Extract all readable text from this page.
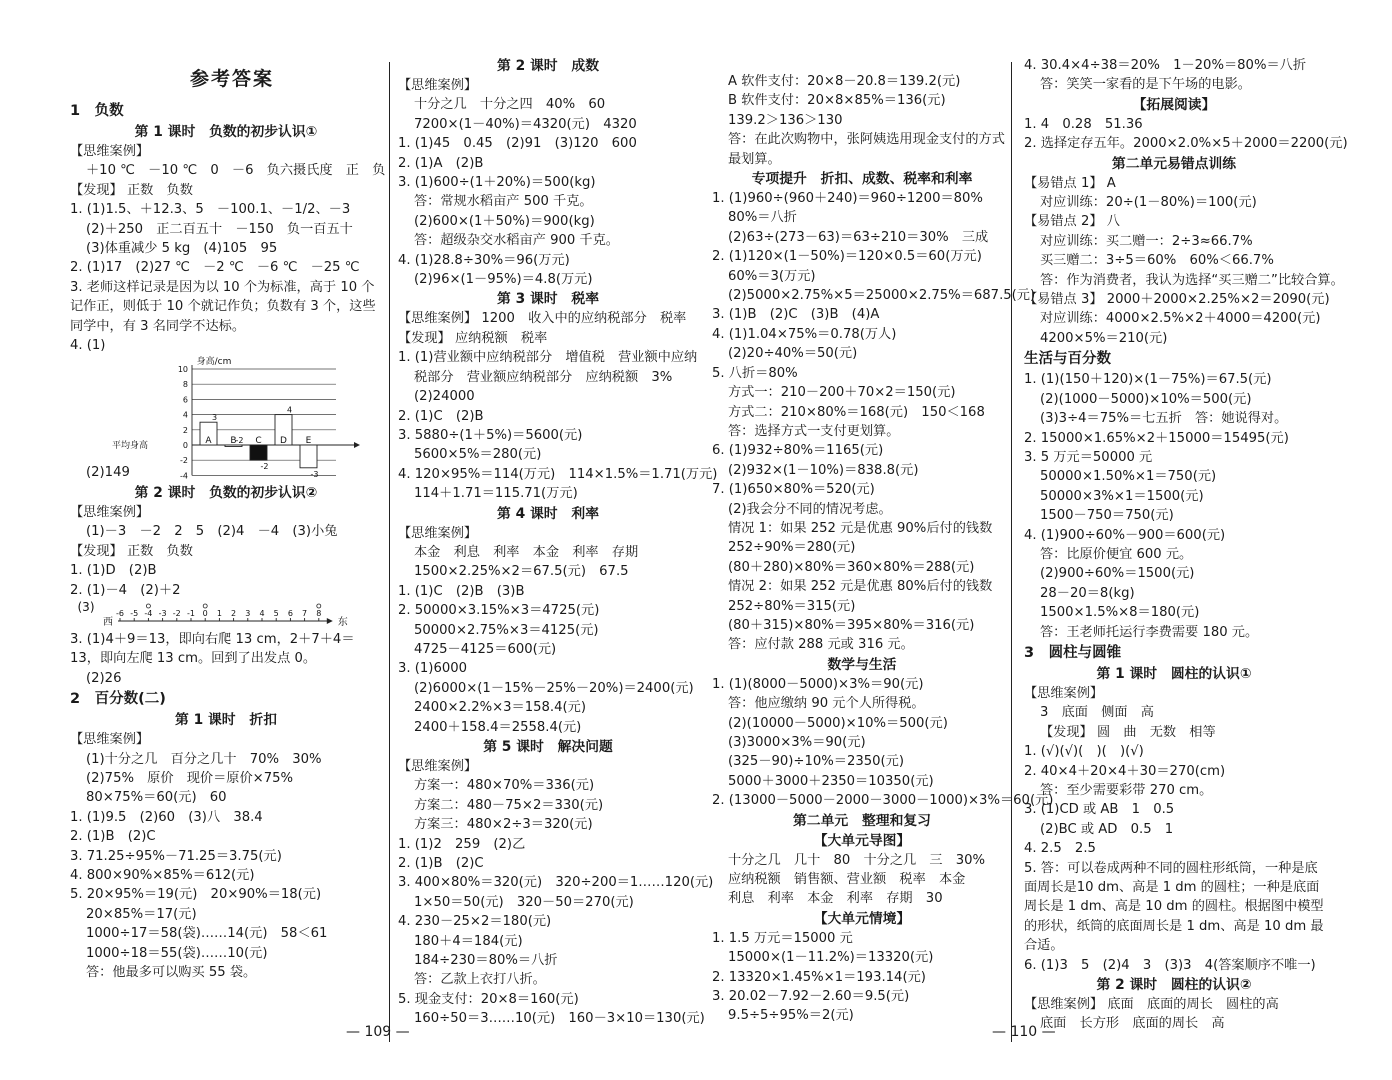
参考答案
1　负数
第 1 课时　负数的初步认识①
【思维案例】
＋10 ℃　－10 ℃　0　－6　负六摄氏度　正　负
【发现】 正数　负数
1. (1)1.5、＋12.3、5　－100.1、－1/2、－3
(2)＋250　正二百五十　－150　负一百五十
(3)体重减少 5 kg　(4)105　95
2. (1)17　(2)27 ℃　－2 ℃　－6 ℃　－25 ℃
3. 老师这样记录是因为以 10 个为标准，高于 10 个记作正，则低于 10 个就记作负；负数有 3 个，这些同学中，有 3 名同学不达标。
4. (1)
身高/cm
10
8
6
4
2
0
-2
-4
平均身高	A
3
B
-2 C
-2
D
4
E
-3
(2)149
第 2 课时　负数的初步认识②
【思维案例】
(1)－3　－2　2　5　(2)4　－4　(3)小兔
【发现】 正数　负数
1. (1)D　(2)B
2. (1)－4　(2)＋2
(3)
西	东
-6 -5 -4 -3 -2 -1 0 1 2 3 4 5 6 7 8
3. (1)4＋9＝13，即向右爬 13 cm，2＋7＋4＝13，即向左爬 13 cm。回到了出发点 0。
(2)26
2　百分数(二)
第 1 课时　折扣
【思维案例】
(1)十分之几　百分之几十　70%　30%
(2)75%　原价　现价＝原价×75%
80×75%＝60(元)　60
1. (1)9.5　(2)60　(3)八　38.4
2. (1)B　(2)C
3. 71.25÷95%－71.25＝3.75(元)
4. 800×90%×85%＝612(元)
5. 20×95%＝19(元)　20×90%＝18(元)
20×85%＝17(元)
1000÷17＝58(袋)……14(元)　58＜61
1000÷18＝55(袋)……10(元)
答：他最多可以购买 55 袋。
第 2 课时　成数
【思维案例】
十分之几　十分之四　40%　60
7200×(1－40%)＝4320(元)　4320
1. (1)45　0.45　(2)91　(3)120　600
2. (1)A　(2)B
3. (1)600÷(1＋20%)＝500(kg)
答：常规水稻亩产 500 千克。
(2)600×(1＋50%)＝900(kg)
答：超级杂交水稻亩产 900 千克。
4. (1)28.8÷30%＝96(万元)
(2)96×(1－95%)＝4.8(万元)
第 3 课时　税率
【思维案例】 1200　收入中的应纳税部分　税率
【发现】 应纳税额　税率
1. (1)营业额中应纳税部分　增值税　营业额中应纳
税部分　营业额应纳税部分　应纳税额　3%
(2)24000
2. (1)C　(2)B
3. 5880÷(1＋5%)＝5600(元)
5600×5%＝280(元)
4. 120×95%＝114(万元)　114×1.5%＝1.71(万元)
114＋1.71＝115.71(万元)
第 4 课时　利率
【思维案例】
本金　利息　利率　本金　利率　存期
1500×2.25%×2＝67.5(元)　67.5
1. (1)C　(2)B　(3)B
2. 50000×3.15%×3＝4725(元)
50000×2.75%×3＝4125(元)
4725－4125＝600(元)
3. (1)6000
(2)6000×(1－15%－25%－20%)＝2400(元)
2400×2.2%×3＝158.4(元)
2400＋158.4＝2558.4(元)
第 5 课时　解决问题
【思维案例】
方案一：480×70%＝336(元)
方案二：480－75×2＝330(元)
方案三：480×2÷3＝320(元)
1. (1)2　259　(2)乙
2. (1)B　(2)C
3. 400×80%＝320(元)　320÷200＝1……120(元)
1×50＝50(元)　320－50＝270(元)
4. 230－25×2＝180(元)
180＋4＝184(元)
184÷230＝80%＝八折
答：乙款上衣打八折。
5. 现金支付：20×8＝160(元)
160÷50＝3……10(元)　160－3×10＝130(元)
A 软件支付：20×8－20.8＝139.2(元)
B 软件支付：20×8×85%＝136(元)
139.2＞136＞130
答：在此次购物中，张阿姨选用现金支付的方式
最划算。
专项提升　折扣、成数、税率和利率
1. (1)960÷(960＋240)＝960÷1200＝80%
80%＝八折
(2)63÷(273－63)＝63÷210＝30%　三成
2. (1)120×(1－50%)＝120×0.5＝60(万元)
60%＝3(万元)
(2)5000×2.75%×5＝25000×2.75%＝687.5(元)
3. (1)B　(2)C　(3)B　(4)A
4. (1)1.04×75%＝0.78(万人)
(2)20÷40%＝50(元)
5. 八折＝80%
方式一：210－200＋70×2＝150(元)
方式二：210×80%＝168(元)　150＜168
答：选择方式一支付更划算。
6. (1)932÷80%＝1165(元)
(2)932×(1－10%)＝838.8(元)
7. (1)650×80%＝520(元)
(2)我会分不同的情况考虑。
情况 1：如果 252 元是优惠 90%后付的钱数
252÷90%＝280(元)
(80＋280)×80%＝360×80%＝288(元)
情况 2：如果 252 元是优惠 80%后付的钱数
252÷80%＝315(元)
(80＋315)×80%＝395×80%＝316(元)
答：应付款 288 元或 316 元。
数学与生活
1. (1)(8000－5000)×3%＝90(元)
答：他应缴纳 90 元个人所得税。
(2)(10000－5000)×10%＝500(元)
(3)3000×3%＝90(元)
(325－90)÷10%＝2350(元)
5000＋3000＋2350＝10350(元)
2. (13000－5000－2000－3000－1000)×3%＝60(元)
第二单元　整理和复习
【大单元导图】
十分之几　几十　80　十分之几　三　30%
应纳税额　销售额、营业额　税率　本金
利息　利率　本金　利率　存期　30
【大单元情境】
1. 1.5 万元＝15000 元
15000×(1－11.2%)＝13320(元)
2. 13320×1.45%×1＝193.14(元)
3. 20.02－7.92－2.60＝9.5(元)
9.5÷5÷95%＝2(元)
4. 30.4×4÷38＝20%　1－20%＝80%＝八折
答：笑笑一家看的是下午场的电影。
【拓展阅读】
1. 4　0.28　51.36
2. 选择定存五年。2000×2.0%×5＋2000＝2200(元)
第二单元易错点训练
【易错点 1】 A
对应训练：20÷(1－80%)＝100(元)
【易错点 2】 八
对应训练：买二赠一：2÷3≈66.7%
买三赠二：3÷5＝60%　60%＜66.7%
答：作为消费者，我认为选择“买三赠二”比较合算。
【易错点 3】 2000＋2000×2.25%×2＝2090(元)
对应训练：4000×2.5%×2＋4000＝4200(元)
4200×5%＝210(元)
生活与百分数
1. (1)(150＋120)×(1－75%)＝67.5(元)
(2)(1000－5000)×10%＝500(元)
(3)3÷4＝75%＝七五折　答：她说得对。
2. 15000×1.65%×2＋15000＝15495(元)
3. 5 万元＝50000 元
50000×1.50%×1＝750(元)
50000×3%×1＝1500(元)
1500－750＝750(元)
4. (1)900÷60%－900＝600(元)
答：比原价便宜 600 元。
(2)900÷60%＝1500(元)
28－20＝8(kg)
1500×1.5%×8＝180(元)
答：王老师托运行李费需要 180 元。
3　圆柱与圆锥
第 1 课时　圆柱的认识①
【思维案例】
3　底面　侧面　高
【发现】 圆　曲　无数　相等
1. (√)(√)(　)(　)(√)
2. 40×4＋20×4＋30＝270(cm)
答：至少需要彩带 270 cm。
3. (1)CD 或 AB　1　0.5
(2)BC 或 AD　0.5　1
4. 2.5　2.5
5. 答：可以卷成两种不同的圆柱形纸筒，一种是底面周长是10 dm、高是 1 dm 的圆柱；一种是底面周长是 1 dm、高是 10 dm 的圆柱。根据图中模型的形状，纸筒的底面周长是 1 dm、高是 10 dm 最合适。
6. (1)3　5　(2)4　3　(3)3　4(答案顺序不唯一)
第 2 课时　圆柱的认识②
【思维案例】 底面　底面的周长　圆柱的高
底面　长方形　底面的周长　高
— 109 —	— 110 —
